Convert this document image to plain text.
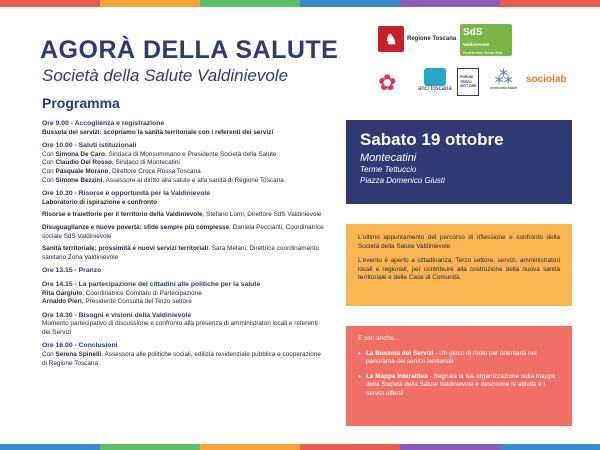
AGORÀ DELLA SALUTE
Società della Salute Valdinievole
Programma
♞	Regione Toscana
SdS Valdinievole
Società della Salute della Valdinievole
✿	anci toscana
FORUM TERZO SETTORE ⁂
centri della salute
sociolab
Ore 9.00 - Accoglienza e registrazione
Bussola dei servizi: scopriamo la sanità territoriale con i referenti dei servizi
Ore 10.00 - Saluti istituzionali
Con Simona De Caro, Sindaca di Monsummano e Presidente Società della Salute
Con Claudio Del Rosso, Sindaco di Montecatini
Con Pasquale Morano, Direttore Croce Rossa Toscana
Con Simone Bezzini, Assessore al diritto alla salute e alla sanità di Regione Toscana
Ore 10.30 - Risorse e opportunità per la Valdinievole
Laboratorio di ispirazione e confronto
Risorse e traiettorie per il territorio della Valdinievole, Stefano Lomi, Direttore SdS Valdinievole
Disuguaglianze e nuove povertà: sfide sempre più complesse, Daniela Peccianti, Coordinatrice sociale SdS Valdinievole
Sanità territoriale: prossimità e nuovi servizi territoriali, Sara Melani, Direttrice coordinamento sanitario Zona Valdinievole
Ore 13.15 - Pranzo
Ore 14.15 - La partecipazione dei cittadini alle politiche per la salute
Rita Gargiulo, Coordinatrice Comitato di Partecipazione
Arnaldo Pieri, Presidente Consulta del Terzo settore
Ore 14.30 - Bisogni e visioni della Valdinievole
Momento partecipativo di discussione e confronto alla presenza di amministratori locali e referenti dei Servizi
Ore 16.00 - Conclusioni
Con Serena Spinelli, Assessora alle politiche sociali, edilizia residenziale pubblica e cooperazione di Regione Toscana
Sabato 19 ottobre
Montecatini
Terme Tettuccio
Piazza Domenico Giusti

L'ultimo appuntamento del percorso di riflessione e confronto della Società della Salute Valdinievole

L'evento è aperto a cittadinanza, Terzo settore, servizi, amministratori locali e regionali, per contribuire alla costruzione della nuova sanità territoriale e delle Case di Comunità.

E con anche...
• La Bussola dei Servizi - Un gioco di ruolo per orientarsi nel panorama dei servizi territoriali
• La Mappa Interattiva - Segnala la tua organizzazione sulla mappa della Società della Salute Valdinievole e descrivine le attività e i servizi offerti!
